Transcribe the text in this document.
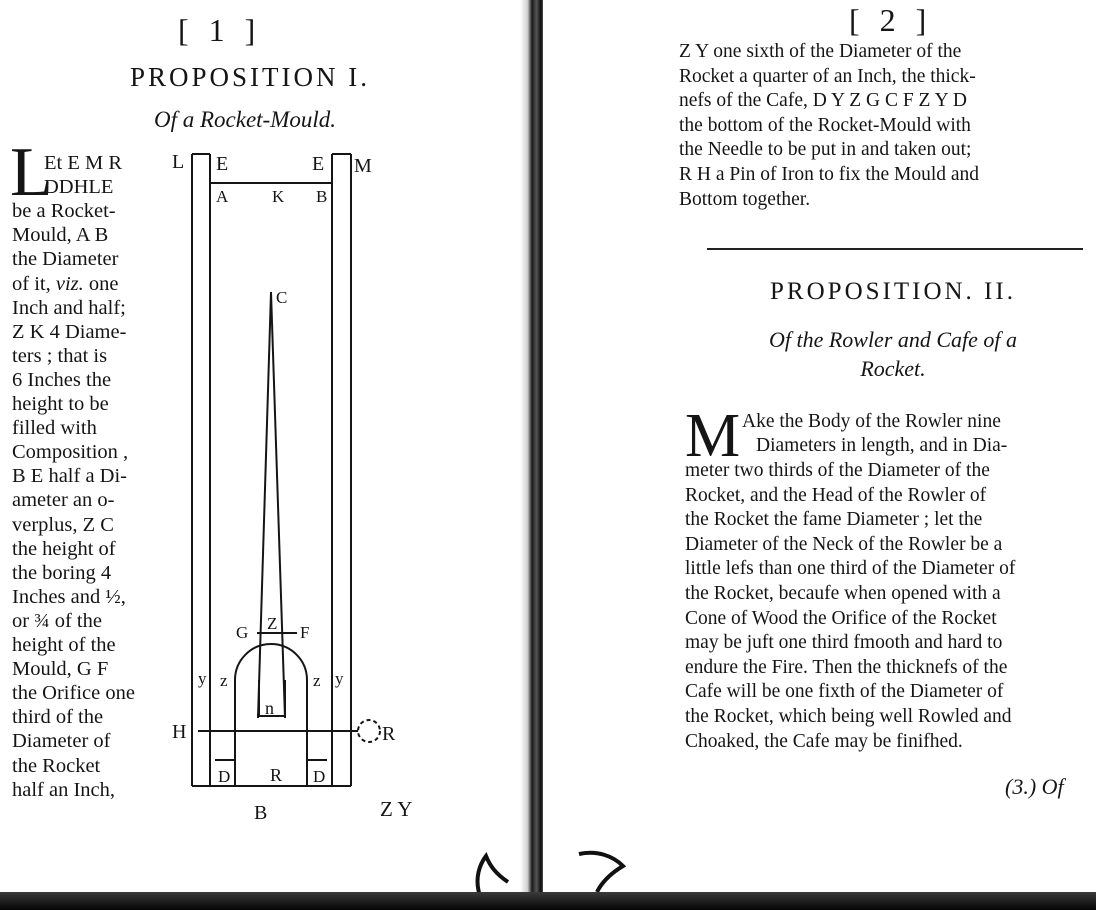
[ 1 ]
PROPOSITION I.
Of a Rocket-Mould.
L
Et E M R
DDHLE
be a Rocket-
Mould, A B
the Diameter
of it, viz. one
Inch and half;
Z K 4 Diame-
ters ; that is
6 Inches the
height to be
filled with
Composition ,
B E half a Di-
ameter an o-
verplus, Z C
the height of
the boring 4
Inches and ½,
or ¾ of the
height of the
Mould, G F
the Orifice one
third of the
Diameter of
the Rocket
half an Inch,
L E	E M
A	K B
C
G Z F
y z	z y
n
H	R
D R D
B	Z Y
[ 2 ]
Z Y one sixth of the Diameter of the
Rocket a quarter of an Inch, the thick-
nefs of the Cafe, D Y Z G C F Z Y D
the bottom of the Rocket-Mould with
the Needle to be put in and taken out;
R H a Pin of Iron to fix the Mould and
Bottom together.
PROPOSITION. II.
Of the Rowler and Cafe of a
Rocket.
M Ake the Body of the Rowler nine
Diameters in length, and in Dia-
meter two thirds of the Diameter of the
Rocket, and the Head of the Rowler of
the Rocket the fame Diameter ; let the
Diameter of the Neck of the Rowler be a
little lefs than one third of the Diameter of
the Rocket, becaufe when opened with a
Cone of Wood the Orifice of the Rocket
may be juft one third fmooth and hard to
endure the Fire. Then the thicknefs of the
Cafe will be one fixth of the Diameter of
the Rocket, which being well Rowled and
Choaked, the Cafe may be finifhed.
(3.) Of
